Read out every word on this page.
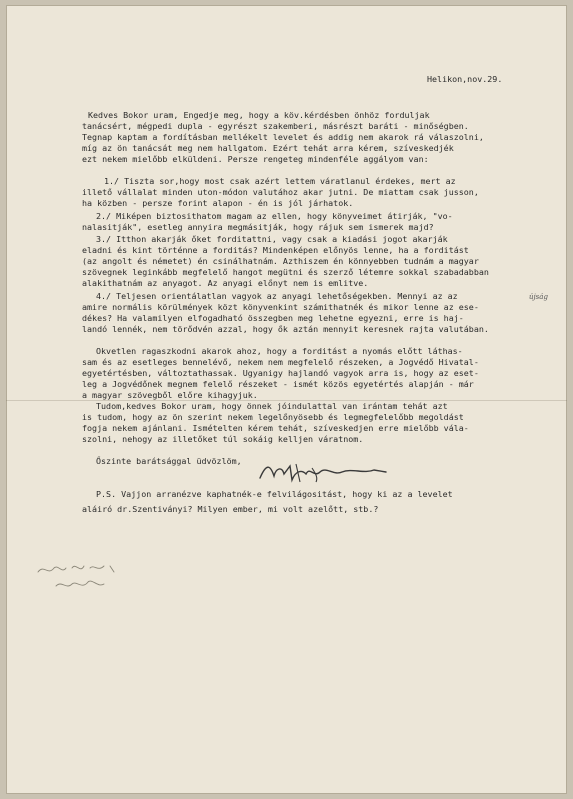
Helikon,nov.29.
Kedves Bokor uram, Engedje meg, hogy a köv.kérdésben önhöz forduljak
tanácsért, mégpedi dupla - egyrészt szakemberi, másrészt baráti - minőségben.
Tegnap kaptam a fordításban mellékelt levelet és addig nem akarok rá válaszolni,
míg az ön tanácsát meg nem hallgatom. Ezért tehát arra kérem, szíveskedjék
ezt nekem mielőbb elküldeni. Persze rengeteg mindenféle aggályom van:
1./ Tiszta sor,hogy most csak azért lettem váratlanul érdekes, mert az
illető vállalat minden uton-módon valutához akar jutni. De miattam csak jusson,
ha közben - persze forint alapon - én is jól járhatok.
2./ Miképen biztosithatom magam az ellen, hogy könyveimet átirják, "vo-
nalasitják", esetleg annyira megmásitják, hogy rájuk sem ismerek majd?
3./ Itthon akarják őket forditattni, vagy csak a kiadási jogot akarják
eladni és kint történne a forditás? Mindenképen előnyös lenne, ha a forditást
(az angolt és németet) én csinálhatnám. Azthiszem én könnyebben tudnám a magyar
szövegnek leginkább megfelelő hangot megütni és szerző létemre sokkal szabadabban
alakithatnám az anyagot. Az anyagi előnyt nem is emlitve.
4./ Teljesen orientálatlan vagyok az anyagi lehetőségekben. Mennyi az az
amire normális körülmények közt könyvenkint számithatnék és mikor lenne az ese-
dékes? Ha valamilyen elfogadható összegben meg lehetne egyezni, erre is haj-
landó lennék, nem törődvén azzal, hogy ők aztán mennyit keresnek rajta valutában.
Okvetlen ragaszkodni akarok ahoz, hogy a forditást a nyomás előtt láthas-
sam és az esetleges bennelévő, nekem nem megfelelő részeken, a Jogvédő Hivatal-
egyetértésben, változtathassak. Ugyanigy hajlandó vagyok arra is, hogy az eset-
leg a Jogvédőnek megnem felelő részeket - ismét közös egyetértés alapján - már
a magyar szövegből előre kihagyjuk.
Tudom,kedves Bokor uram, hogy önnek jóindulattal van irántam tehát azt
is tudom, hogy az ön szerint nekem legelőnyösebb és legmegfelelőbb megoldást
fogja nekem ajánlani. Ismételten kérem tehát, szíveskedjen erre mielőbb vála-
szolni, nehogy az illetőket túl sokáig kelljen váratnom.
Őszinte barátsággal üdvözlöm,
P.S. Vajjon arranézve kaphatnék-e felvilágositást, hogy ki az a levelet
aláiró dr.Szentiványi? Milyen ember, mi volt azelőtt, stb.?
újság
